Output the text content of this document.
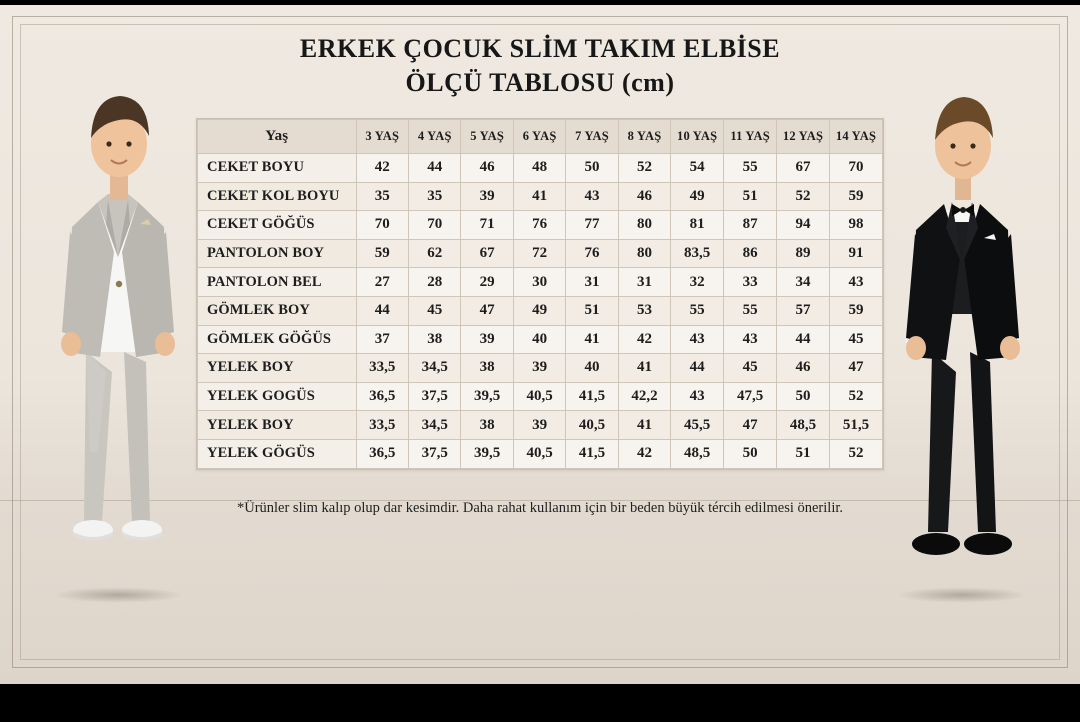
ERKEK ÇOCUK SLİM TAKIM ELBİSE
ÖLÇÜ TABLOSU (cm)
Yaş	3 YAŞ	4 YAŞ	5 YAŞ	6 YAŞ	7 YAŞ	8 YAŞ	10 YAŞ	11 YAŞ	12 YAŞ	14 YAŞ
CEKET BOYU	42	44	46	48	50	52	54	55	67	70
CEKET KOL BOYU	35	35	39	41	43	46	49	51	52	59
CEKET GÖĞÜS	70	70	71	76	77	80	81	87	94	98
PANTOLON BOY	59	62	67	72	76	80	83,5	86	89	91
PANTOLON BEL	27	28	29	30	31	31	32	33	34	43
GÖMLEK BOY	44	45	47	49	51	53	55	55	57	59
GÖMLEK GÖĞÜS	37	38	39	40	41	42	43	43	44	45
YELEK BOY	33,5	34,5	38	39	40	41	44	45	46	47
YELEK GOGÜS	36,5	37,5	39,5	40,5	41,5	42,2	43	47,5	50	52
YELEK BOY	33,5	34,5	38	39	40,5	41	45,5	47	48,5	51,5
YELEK GÖGÜS	36,5	37,5	39,5	40,5	41,5	42	48,5	50	51	52
*Ürünler slim kalıp olup dar kesimdir. Daha rahat kullanım için bir beden büyük tércih edilmesi önerilir.
